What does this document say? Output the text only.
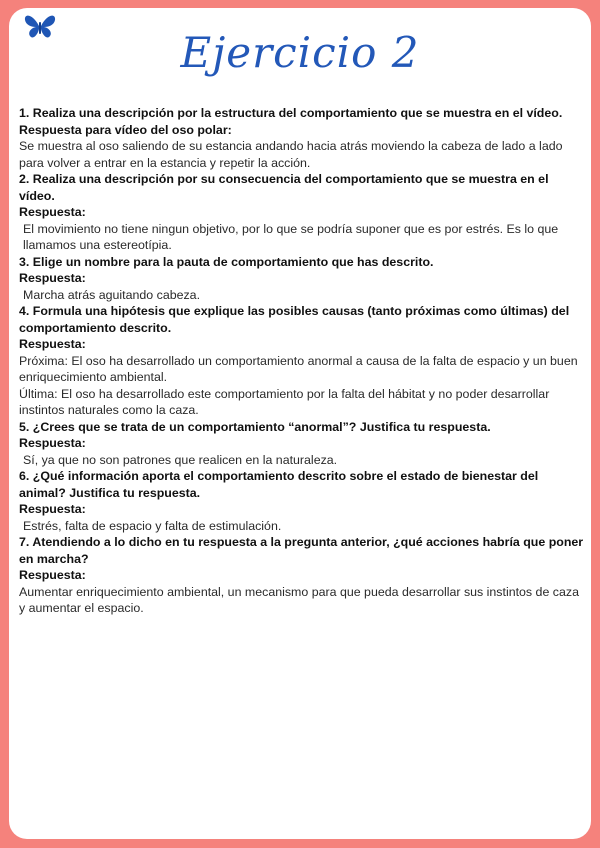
Ejercicio 2

1. Realiza una descripción por la estructura del comportamiento que se muestra en el vídeo.

Respuesta para vídeo del oso polar:

Se muestra al oso saliendo de su estancia andando hacia atrás moviendo la cabeza de lado a lado para volver a entrar en la estancia y repetir la acción.

2. Realiza una descripción por su consecuencia del comportamiento que se muestra en el vídeo.

Respuesta:

El movimiento no tiene ningun objetivo, por lo que se podría suponer que es por estrés. Es lo que llamamos una estereotípia.

3. Elige un nombre para la pauta de comportamiento que has descrito.

Respuesta:

Marcha atrás aguitando cabeza.

4. Formula una hipótesis que explique las posibles causas (tanto próximas como últimas) del comportamiento descrito.

Respuesta:

Próxima: El oso ha desarrollado un comportamiento anormal a causa de la falta de espacio y un buen enriquecimiento ambiental.

Última: El oso ha desarrollado este comportamiento por la falta del hábitat y no poder desarrollar instintos naturales como la caza.

5. ¿Crees que se trata de un comportamiento “anormal”? Justifica tu respuesta.

Respuesta:

Sí, ya que no son patrones que realicen en la naturaleza.

6. ¿Qué información aporta el comportamiento descrito sobre el estado de bienestar del animal? Justifica tu respuesta.

Respuesta:

Estrés, falta de espacio y falta de estimulación.

7. Atendiendo a lo dicho en tu respuesta a la pregunta anterior, ¿qué acciones habría que poner en marcha?

Respuesta:

Aumentar enriquecimiento ambiental, un mecanismo para que pueda desarrollar sus instintos de caza y aumentar el espacio.
